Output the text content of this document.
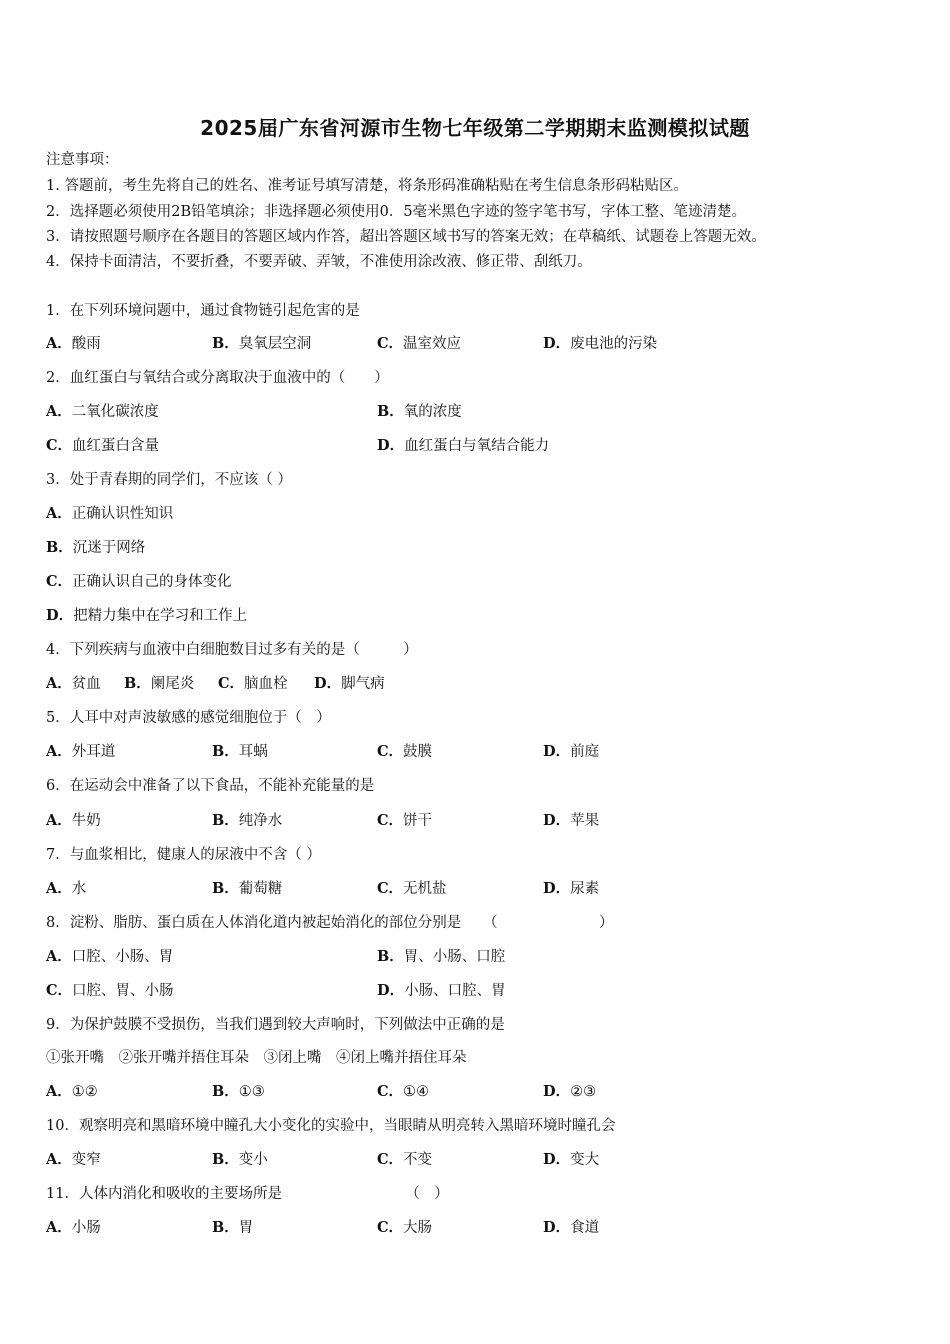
2025届广东省河源市生物七年级第二学期期末监测模拟试题
注意事项：
1. 答题前，考生先将自己的姓名、准考证号填写清楚，将条形码准确粘贴在考生信息条形码粘贴区。
2．选择题必须使用2B铅笔填涂；非选择题必须使用0．5毫米黑色字迹的签字笔书写，字体工整、笔迹清楚。
3．请按照题号顺序在各题目的答题区域内作答，超出答题区域书写的答案无效；在草稿纸、试题卷上答题无效。
4．保持卡面清洁，不要折叠，不要弄破、弄皱，不准使用涂改液、修正带、刮纸刀。
1．在下列环境问题中，通过食物链引起危害的是
A．酸雨	B．臭氧层空洞	C．温室效应	D．废电池的污染
2．血红蛋白与氧结合或分离取决于血液中的（　　）
A．二氧化碳浓度	B．氧的浓度
C．血红蛋白含量	D．血红蛋白与氧结合能力
3．处于青春期的同学们，不应该（ ）
A．正确认识性知识
B．沉迷于网络
C．正确认识自己的身体变化
D．把精力集中在学习和工作上
4．下列疾病与血液中白细胞数目过多有关的是（　　　）
A．贫血 B．阑尾炎 C．脑血栓 D．脚气病
5．人耳中对声波敏感的感觉细胞位于（　）
A．外耳道	B．耳蜗	C．鼓膜	D．前庭
6．在运动会中准备了以下食品，不能补充能量的是
A．牛奶	B．纯净水	C．饼干	D．苹果
7．与血浆相比，健康人的尿液中不含（ ）
A．水	B．葡萄糖	C．无机盐	D．尿素
8．淀粉、脂肪、蛋白质在人体消化道内被起始消化的部位分别是　　（　　　　　　　）
A．口腔、小肠、胃	B．胃、小肠、口腔
C．口腔、胃、小肠	D．小肠、口腔、胃
9．为保护鼓膜不受损伤，当我们遇到较大声响时，下列做法中正确的是
①张开嘴　②张开嘴并捂住耳朵　③闭上嘴　④闭上嘴并捂住耳朵
A．①②	B．①③	C．①④	D．②③
10．观察明亮和黑暗环境中瞳孔大小变化的实验中，当眼睛从明亮转入黑暗环境时瞳孔会
A．变窄	B．变小	C．不变	D．变大
11．人体内消化和吸收的主要场所是　　　　　　　　　（　）
A．小肠	B．胃	C．大肠	D．食道
